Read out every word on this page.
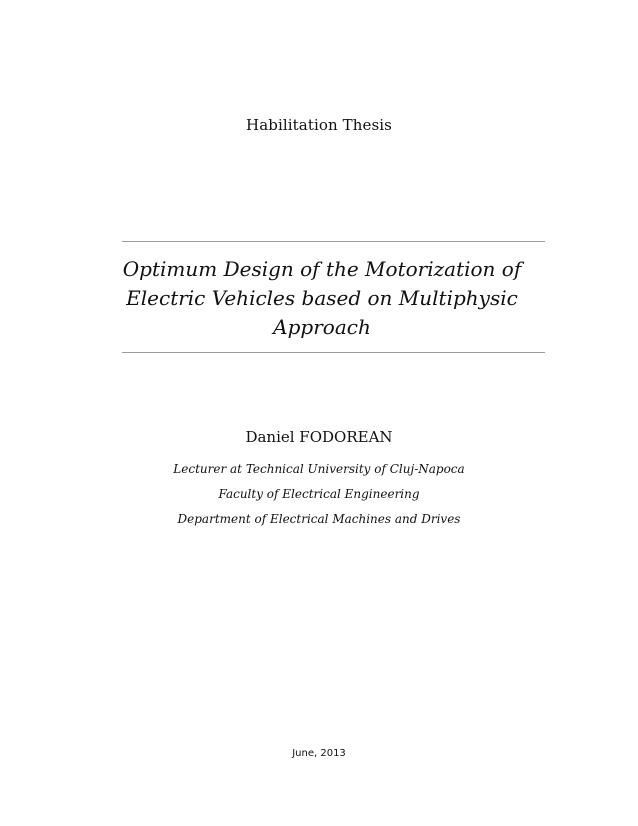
Habilitation Thesis
Optimum Design of the Motorization of
Electric Vehicles based on Multiphysic
Approach
Daniel FODOREAN
Lecturer at Technical University of Cluj-Napoca
Faculty of Electrical Engineering
Department of Electrical Machines and Drives
June, 2013
